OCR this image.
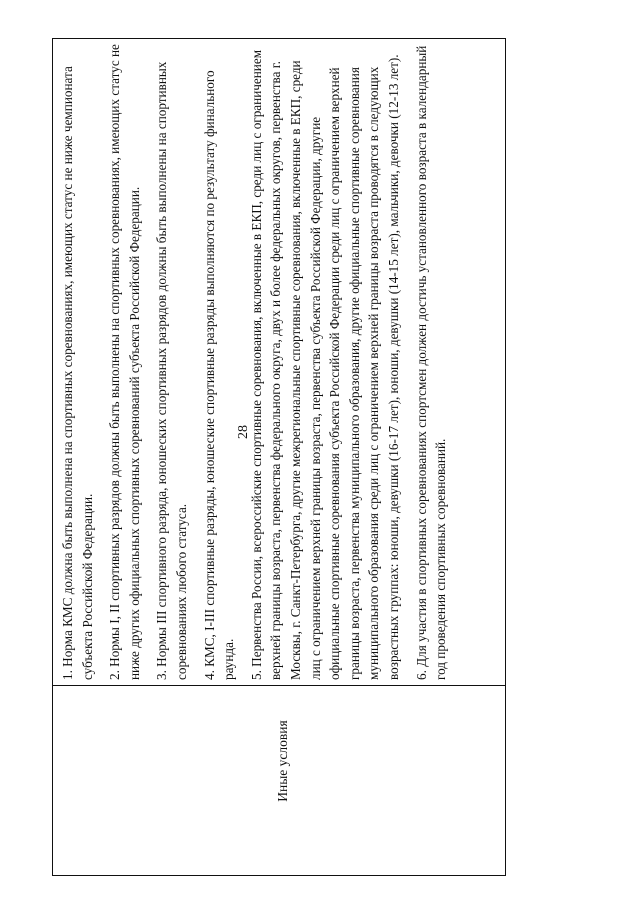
28
Иные условия

1. Норма КМС должна быть выполнена на спортивных соревнованиях, имеющих статус не ниже чемпионата субъекта Российской Федерации. 2. Нормы I, II спортивных разрядов должны быть выполнены на спортивных соревнованиях, имеющих статус не ниже других официальных спортивных соревнований субъекта Российской Федерации. 3. Нормы III спортивного разряда, юношеских спортивных разрядов должны быть выполнены на спортивных соревнованиях любого статуса. 4. КМС, I-III спортивные разряды, юношеские спортивные разряды выполняются по результату финального раунда. 5. Первенства России, всероссийские спортивные соревнования, включенные в ЕКП, среди лиц с ограничением верхней границы возраста, первенства федерального округа, двух и более федеральных округов, первенства г. Москвы, г. Санкт-Петербурга, другие межрегиональные спортивные соревнования, включенные в ЕКП, среди лиц с ограничением верхней границы возраста, первенства субъекта Российской Федерации, другие официальные спортивные соревнования субъекта Российской Федерации среди лиц с ограничением верхней границы возраста, первенства муниципального образования, другие официальные спортивные соревнования муниципального образования среди лиц с ограничением верхней границы возраста проводятся в следующих возрастных группах: юноши, девушки (16-17 лет), юноши, девушки (14-15 лет), мальчики, девочки (12-13 лет). 6. Для участия в спортивных соревнованиях спортсмен должен достичь установленного возраста в календарный год проведения спортивных соревнований.
